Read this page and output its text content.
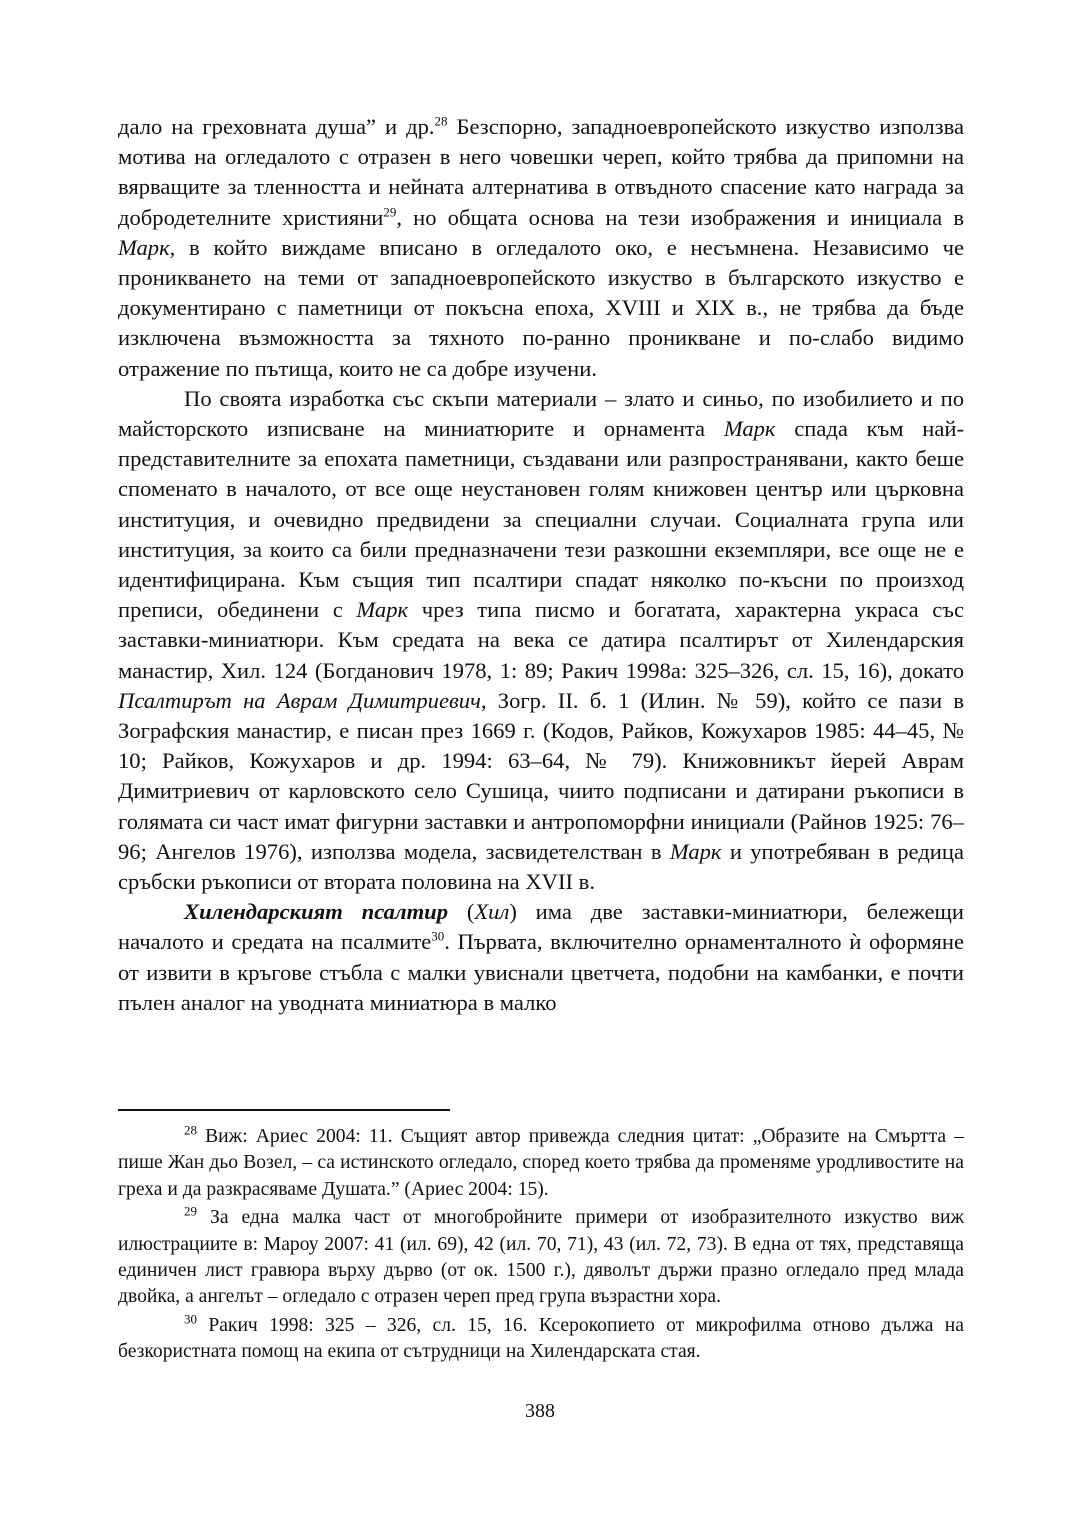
дало на греховната душа” и др.$^{28}$ Безспорно, западноевропейското изкуство използва мотива на огледалото с отразен в него човешки череп, който трябва да припомни на вярващите за тленността и нейната алтернатива в отвъдното спасение като награда за добродетелните християни$^{29}$, но общата основа на тези изображения и инициала в Марк, в който виждаме вписано в огледалото око, е несъмнена. Независимо че проникването на теми от западноевропейското изкуство в българското изкуство е документирано с паметници от покъсна епоха, XVIII и XIX в., не трябва да бъде изключена възможността за тяхното по-ранно проникване и по-слабо видимо отражение по пътища, които не са добре изучени.

По своята изработка със скъпи материали – злато и синьо, по изобилието и по майсторското изписване на миниатюрите и орнамента Марк спада към най-представителните за епохата паметници, създавани или разпространявани, както беше споменато в началото, от все още неустановен голям книжовен център или църковна институция, и очевидно предвидени за специални случаи. Социалната група или институция, за които са били предназначени тези разкошни екземпляри, все още не е идентифицирана. Към същия тип псалтири спадат няколко по-късни по произход преписи, обединени с Марк чрез типа писмо и богатата, характерна украса със заставки-миниатюри. Към средата на века се датира псалтирът от Хилендарския манастир, Хил. 124 (Богданович 1978, 1: 89; Ракич 1998а: 325–326, сл. 15, 16), докато Псалтирът на Аврам Димитриевич, Зогр. II. б. 1 (Илин. № 59), който се пази в Зографския манастир, е писан през 1669 г. (Кодов, Райков, Кожухаров 1985: 44–45, № 10; Райков, Кожухаров и др. 1994: 63–64, № 79). Книжовникът йерей Аврам Димитриевич от карловското село Сушица, чиито подписани и датирани ръкописи в голямата си част имат фигурни заставки и антропоморфни инициали (Райнов 1925: 76–96; Ангелов 1976), използва модела, засвидетелстван в Марк и употребяван в редица сръбски ръкописи от втората половина на XVII в.

Хилендарският псалтир (Хил) има две заставки-миниатюри, бележещи началото и средата на псалмите$^{30}$. Първата, включително орнаменталното ѝ оформяне от извити в кръгове стъбла с малки увиснали цветчета, подобни на камбанки, е почти пълен аналог на уводната миниатюра в малко

$^{28}$ Виж: Ариес 2004: 11. Същият автор привежда следния цитат: „Образите на Смъртта – пише Жан дьо Возел, – са истинското огледало, според което трябва да променяме уродливостите на греха и да разкрасяваме Душата.” (Ариес 2004: 15).

$^{29}$ За една малка част от многобройните примери от изобразителното изкуство виж илюстрациите в: Мароу 2007: 41 (ил. 69), 42 (ил. 70, 71), 43 (ил. 72, 73). В една от тях, представяща единичен лист гравюра върху дърво (от ок. 1500 г.), дяволът държи празно огледало пред млада двойка, а ангелът – огледало с отразен череп пред група възрастни хора.

$^{30}$ Ракич 1998: 325 – 326, сл. 15, 16. Ксерокопието от микрофилма отново дължа на безкористната помощ на екипа от сътрудници на Хилендарската стая.

388
